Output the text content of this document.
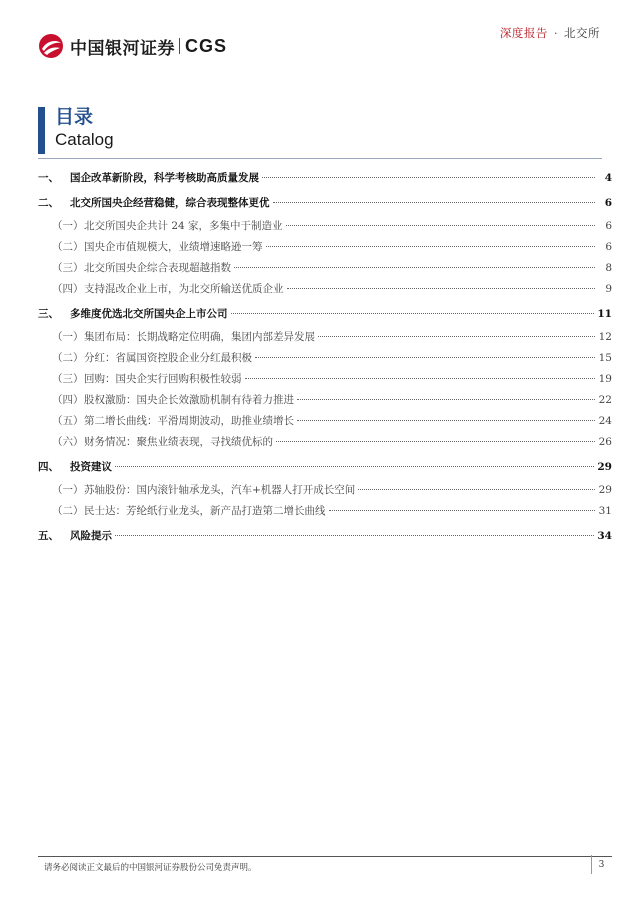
中国银河证券 CGS
深度报告 · 北交所
目录
Catalog
一、 国企改革新阶段，科学考核助高质量发展	4
二、 北交所国央企经营稳健，综合表现整体更优	6
（一） 北交所国央企共计 24 家，多集中于制造业	6
（二） 国央企市值规模大，业绩增速略逊一筹	6
（三） 北交所国央企综合表现超越指数	8
（四） 支持混改企业上市，为北交所输送优质企业	9
三、 多维度优选北交所国央企上市公司	11
（一） 集团布局：长期战略定位明确，集团内部差异发展	12
（二） 分红：省属国资控股企业分红最积极	15
（三） 回购：国央企实行回购积极性较弱	19
（四） 股权激励：国央企长效激励机制有待着力推进	22
（五） 第二增长曲线：平滑周期波动，助推业绩增长	24
（六） 财务情况：聚焦业绩表现，寻找绩优标的	26
四、 投资建议	29
（一） 苏轴股份：国内滚针轴承龙头，汽车+机器人打开成长空间	29
（二） 民士达：芳纶纸行业龙头，新产品打造第二增长曲线	31
五、 风险提示	34
请务必阅读正文最后的中国银河证券股份公司免责声明。	3
